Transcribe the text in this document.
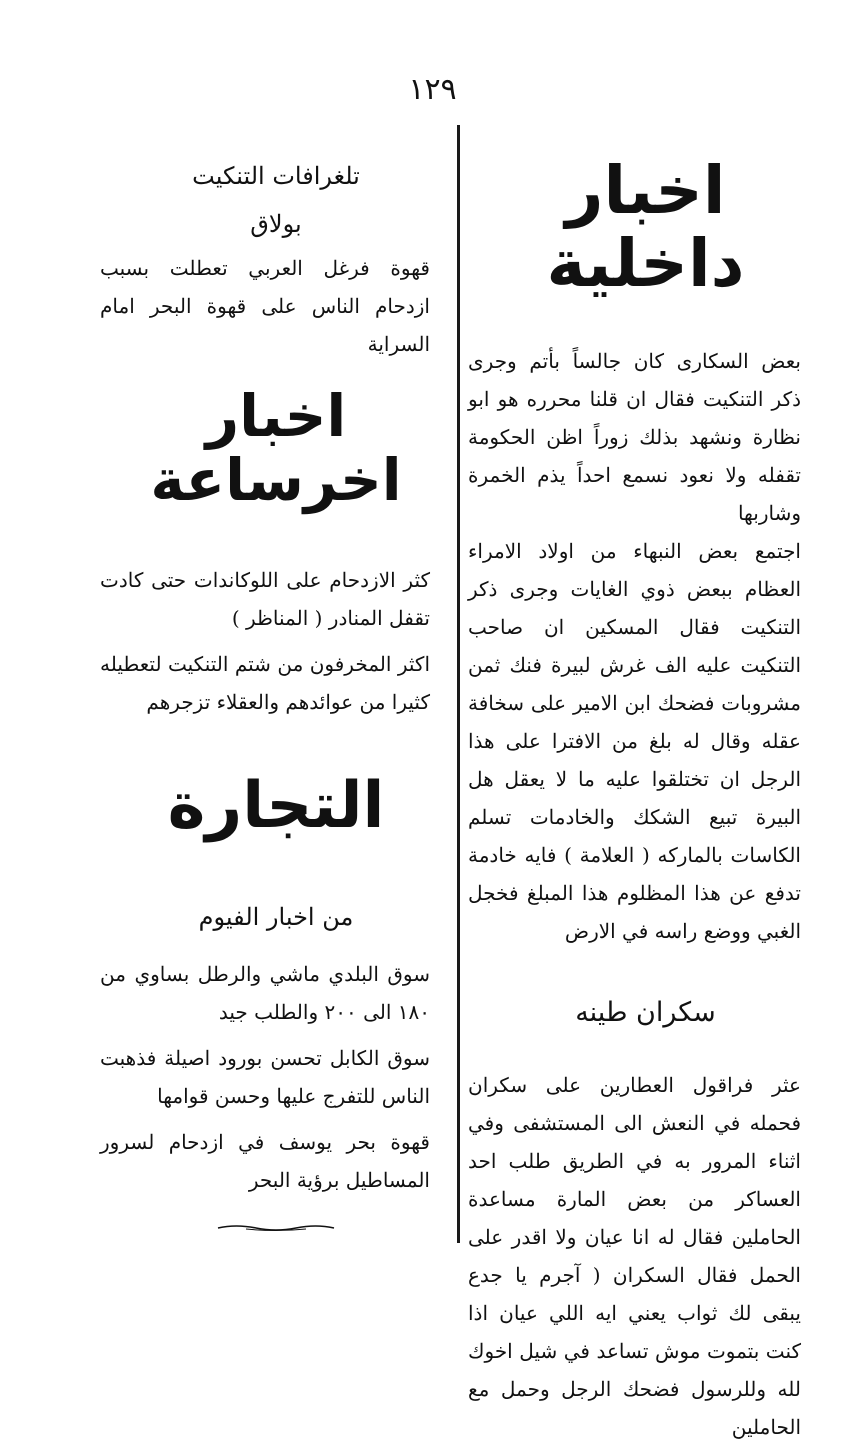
١٢٩
اخبار داخلية

بعض السكارى كان جالساً بأتم وجرى ذكر التنكيت فقال ان قلنا محرره هو ابو نظارة ونشهد بذلك زوراً اظن الحكومة تقفله ولا نعود نسمع احداً يذم الخمرة وشاربها

اجتمع بعض النبهاء من اولاد الامراء العظام ببعض ذوي الغايات وجرى ذكر التنكيت فقال المسكين ان صاحب التنكيت عليه الف غرش لبيرة فنك ثمن مشروبات فضحك ابن الامير على سخافة عقله وقال له بلغ من الافترا على هذا الرجل ان تختلقوا عليه ما لا يعقل هل البيرة تبيع الشكك والخادمات تسلم الكاسات بالماركه ( العلامة ) فايه خادمة تدفع عن هذا المظلوم هذا المبلغ فخجل الغبي ووضع راسه في الارض

سكران طينه

عثر فراقول العطارين على سكران فحمله في النعش الى المستشفى وفي اثناء المرور به في الطريق طلب احد العساكر من بعض المارة مساعدة الحاملين فقال له انا عيان ولا اقدر على الحمل فقال السكران ( آجرم يا جدع يبقى لك ثواب يعني ايه اللي عيان اذا كنت بتموت موش تساعد في شيل اخوك لله وللرسول فضحك الرجل وحمل مع الحاملين

تلغرافات التنكيت
بولاق
قهوة فرغل العربي تعطلت بسبب ازدحام الناس على قهوة البحر امام السراية
اخبار اخرساعة
كثر الازدحام على اللوكاندات حتى كادت تقفل المنادر ( المناظر )
اكثر المخرفون من شتم التنكيت لتعطيله كثيرا من عوائدهم والعقلاء تزجرهم
التجارة
من اخبار الفيوم
سوق البلدي ماشي والرطل بساوي من ١٨٠ الى ٢٠٠ والطلب جيد
سوق الكابل تحسن بورود اصيلة فذهبت الناس للتفرج عليها وحسن قوامها
قهوة بحر يوسف في ازدحام لسرور المساطيل برؤية البحر
